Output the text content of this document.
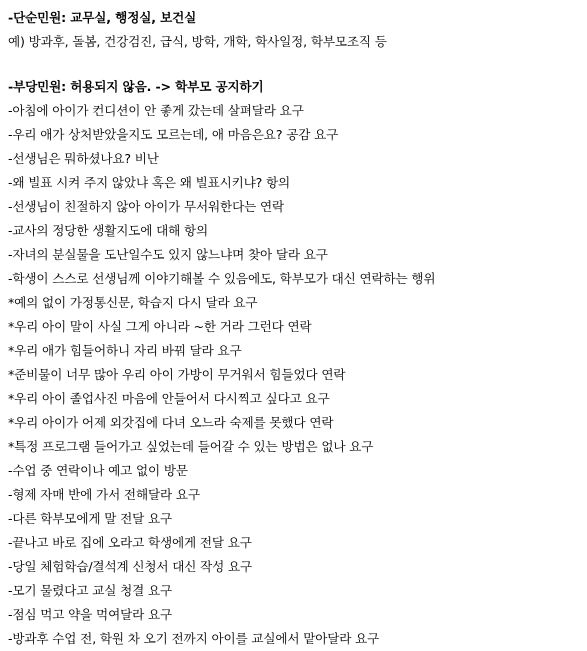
-단순민원: 교무실, 행정실, 보건실
예) 방과후, 돌봄, 건강검진, 급식, 방학, 개학, 학사일정, 학부모조직 등
-부당민원: 허용되지 않음. -> 학부모 공지하기
-아침에 아이가 컨디션이 안 좋게 갔는데 살펴달라 요구
-우리 애가 상처받았을지도 모르는데, 애 마음은요? 공감 요구
-선생님은 뭐하셨나요? 비난
-왜 빌표 시켜 주지 않았냐 혹은 왜 빌표시키냐? 항의
-선생님이 친절하지 않아 아이가 무서워한다는 연락
-교사의 정당한 생활지도에 대해 항의
-자녀의 분실물을 도난일수도 있지 않느냐며 찾아 달라 요구
-학생이 스스로 선생님께 이야기해볼 수 있음에도, 학부모가 대신 연락하는 행위
*예의 없이 가정통신문, 학습지 다시 달라 요구
*우리 아이 말이 사실 그게 아니라 ~한 거라 그런다 연락
*우리 애가 힘들어하니 자리 바꿔 달라 요구
*준비물이 너무 많아 우리 아이 가방이 무거워서 힘들었다 연락
*우리 아이 졸업사진 마음에 안들어서 다시찍고 싶다고 요구
*우리 아이가 어제 외갓집에 다녀 오느라 숙제를 못했다 연락
*특정 프로그램 들어가고 싶었는데 들어갈 수 있는 방법은 없나 요구
-수업 중 연락이나 예고 없이 방문
-형제 자매 반에 가서 전해달라 요구
-다른 학부모에게 말 전달 요구
-끝나고 바로 집에 오라고 학생에게 전달 요구
-당일 체험학습/결석계 신청서 대신 작성 요구
-모기 물렸다고 교실 청결 요구
-점심 먹고 약을 먹여달라 요구
-방과후 수업 전, 학원 차 오기 전까지 아이를 교실에서 맡아달라 요구
